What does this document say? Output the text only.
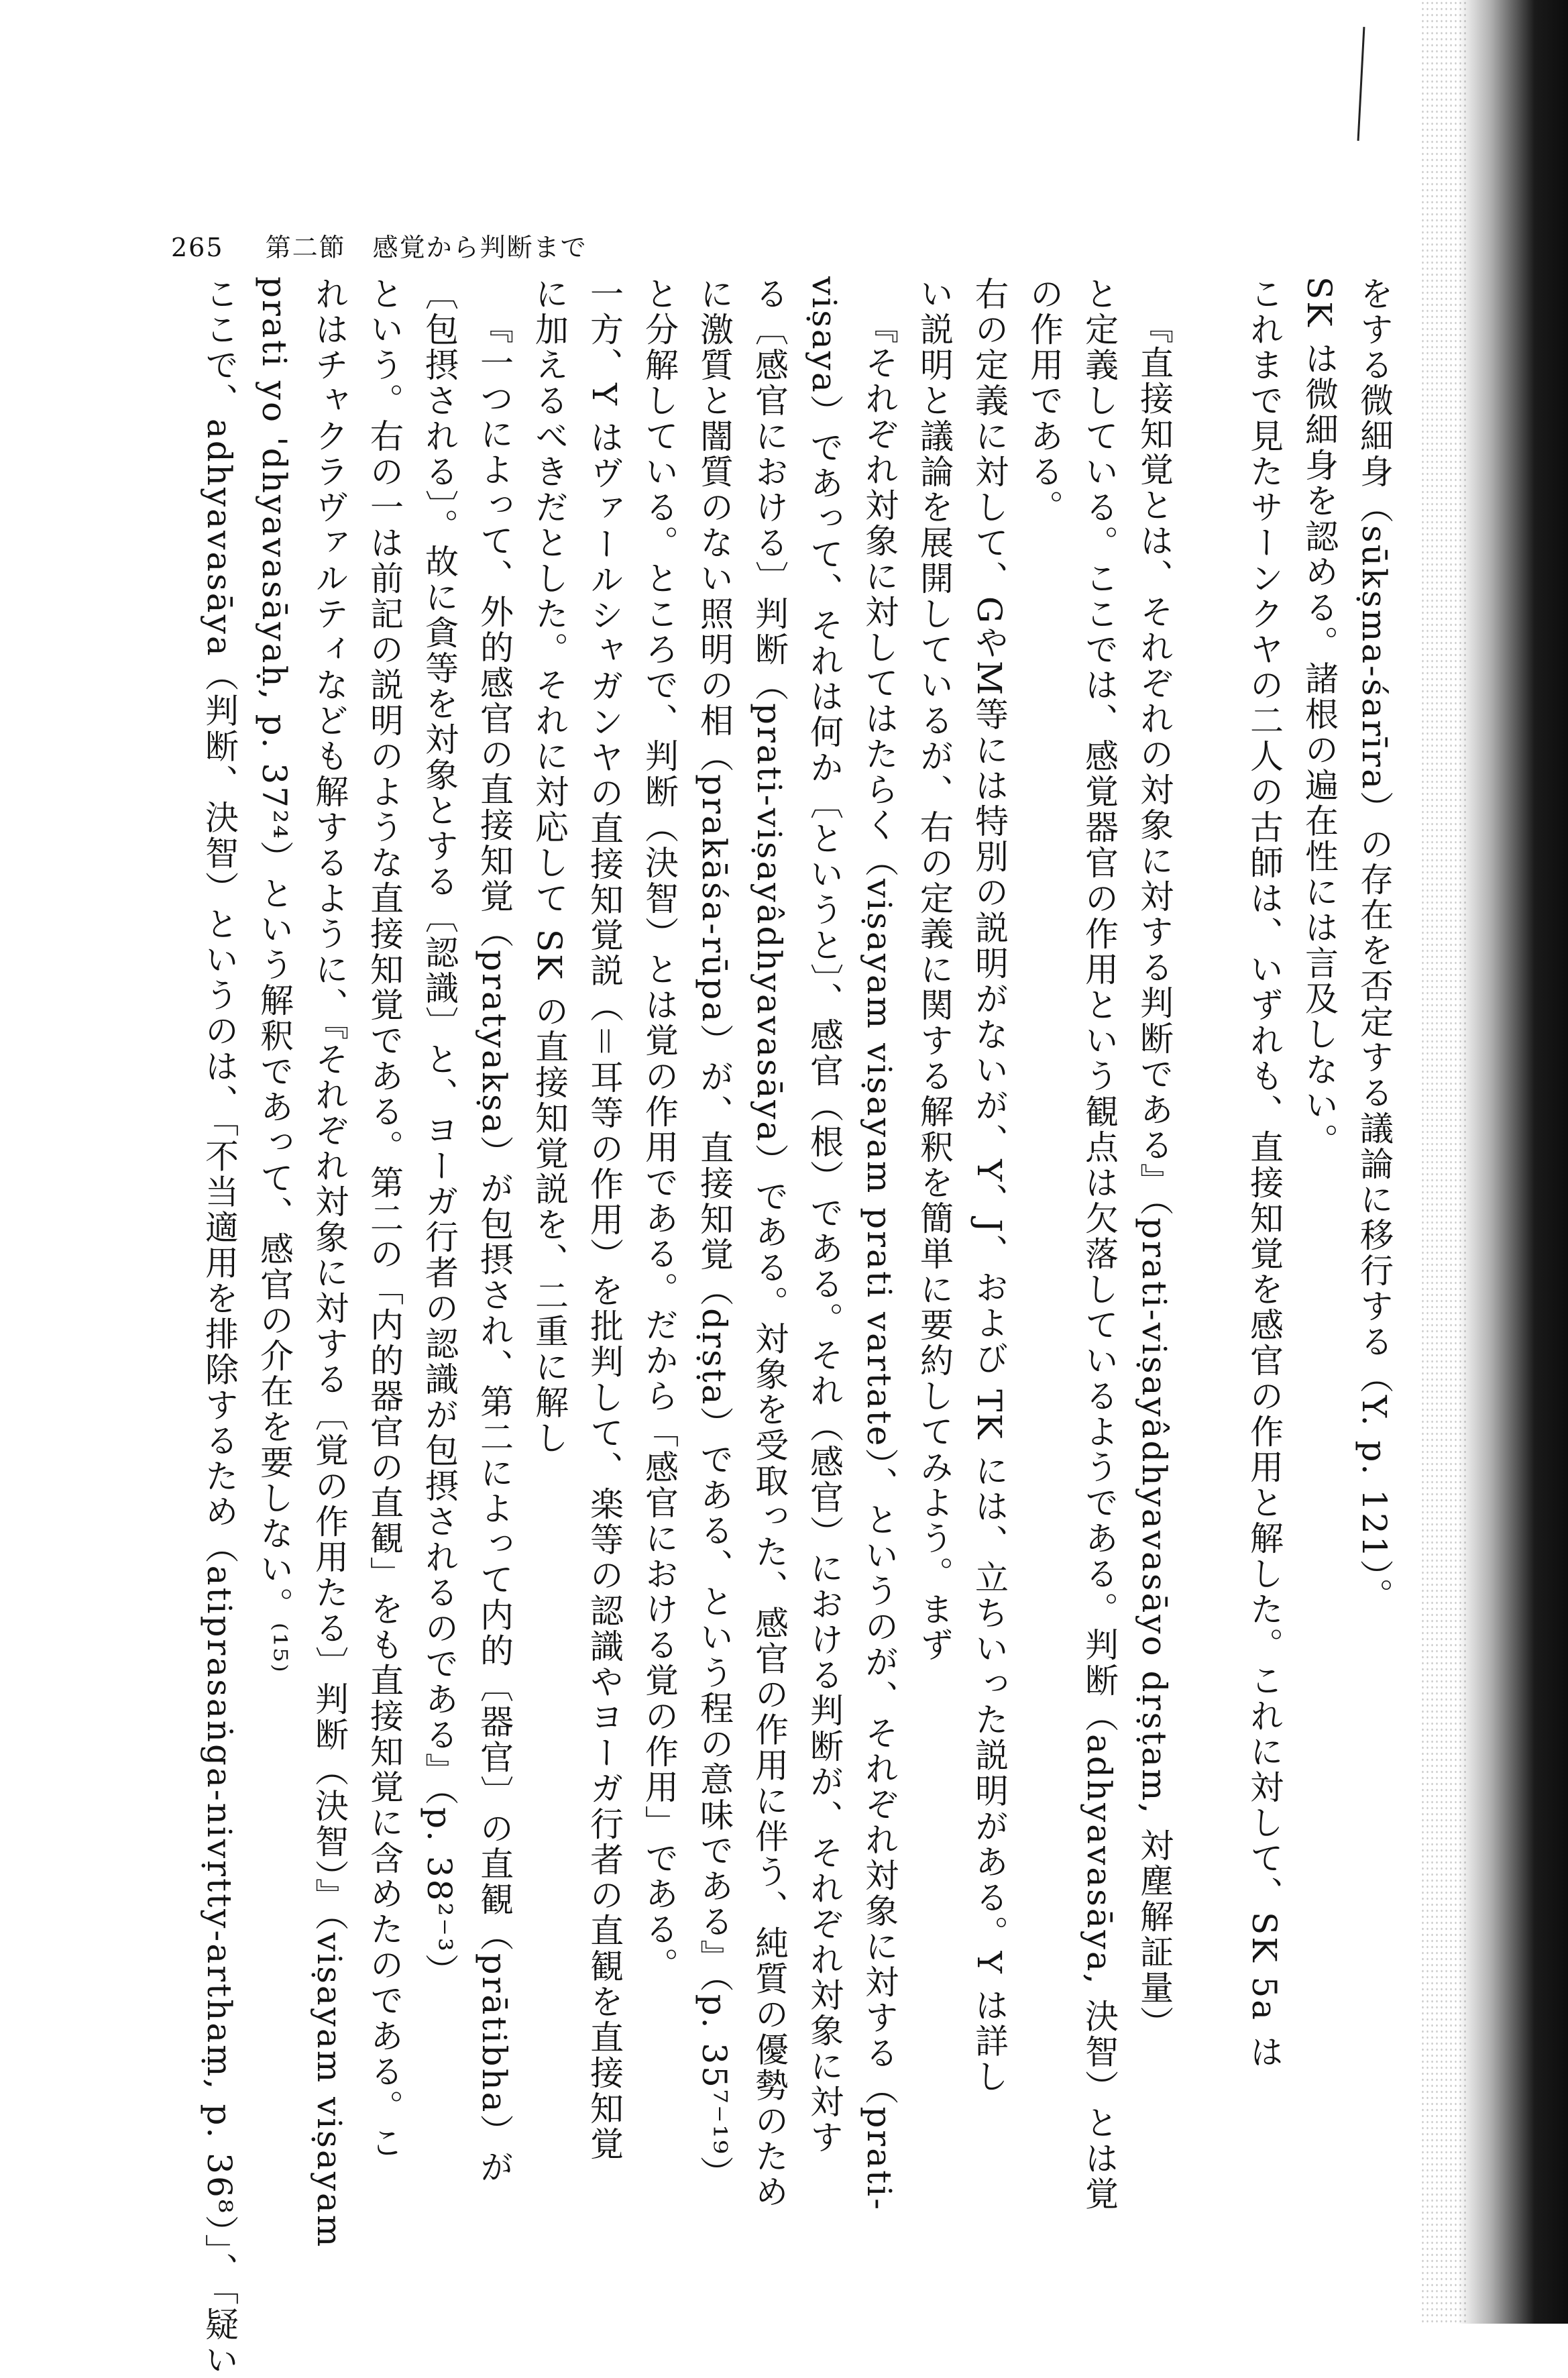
265 第二節　感覚から判断まで
をする微細身（sūkṣma-śarīra）の存在を否定する議論に移行する（Y. p. 121）。
SK は微細身を認める。諸根の遍在性には言及しない。
これまで見たサーンクヤの二人の古師は、いずれも、直接知覚を感官の作用と解した。これに対して、SK 5a は
『直接知覚とは、それぞれの対象に対する判断である』（prati-viṣayâdhyavasāyo dṛṣṭam, 対塵解証量）
と定義している。ここでは、感覚器官の作用という観点は欠落しているようである。判断（adhyavasāya, 決智）とは覚
の作用である。
右の定義に対して、GやM等には特別の説明がないが、Y、J、および TK には、立ちいった説明がある。Y は詳し
い説明と議論を展開しているが、右の定義に関する解釈を簡単に要約してみよう。まず
『それぞれ対象に対してはたらく（viṣayam viṣayam prati vartate）、というのが、それぞれ対象に対する（prati-
viṣaya）であって、それは何か〔というと〕、感官（根）である。それ（感官）における判断が、それぞれ対象に対す
る〔感官における〕判断（prati-viṣayâdhyavasāya）である。対象を受取った、感官の作用に伴う、純質の優勢のため
に激質と闇質のない照明の相（prakāśa-rūpa）が、直接知覚（dṛṣṭa）である、という程の意味である』（p. 35⁷⁻¹⁹）
と分解している。ところで、判断（決智）とは覚の作用である。だから「感官における覚の作用」である。
一方、Y はヴァールシャガンヤの直接知覚説（＝耳等の作用）を批判して、楽等の認識やヨーガ行者の直観を直接知覚
に加えるべきだとした。それに対応して SK の直接知覚説を、二重に解し
『一つによって、外的感官の直接知覚（pratyakṣa）が包摂され、第二によって内的〔器官〕の直観（prātibha）が
〔包摂される〕。故に貪等を対象とする〔認識〕と、ヨーガ行者の認識が包摂されるのである』（p. 38²⁻³）
という。右の一は前記の説明のような直接知覚である。第二の「内的器官の直観」をも直接知覚に含めたのである。こ
れはチャクラヴァルティなども解するように、『それぞれ対象に対する〔覚の作用たる〕判断（決智）』（viṣayam viṣayam
prati yo 'dhyavasāyaḥ, p. 37²⁴）という解釈であって、感官の介在を要しない。⁽¹⁵⁾
ここで、adhyavasāya（判断、決智）というのは、「不当適用を排除するため（atiprasaṅga-nivṛtty-arthaṃ, p. 36⁸）」、「疑い
